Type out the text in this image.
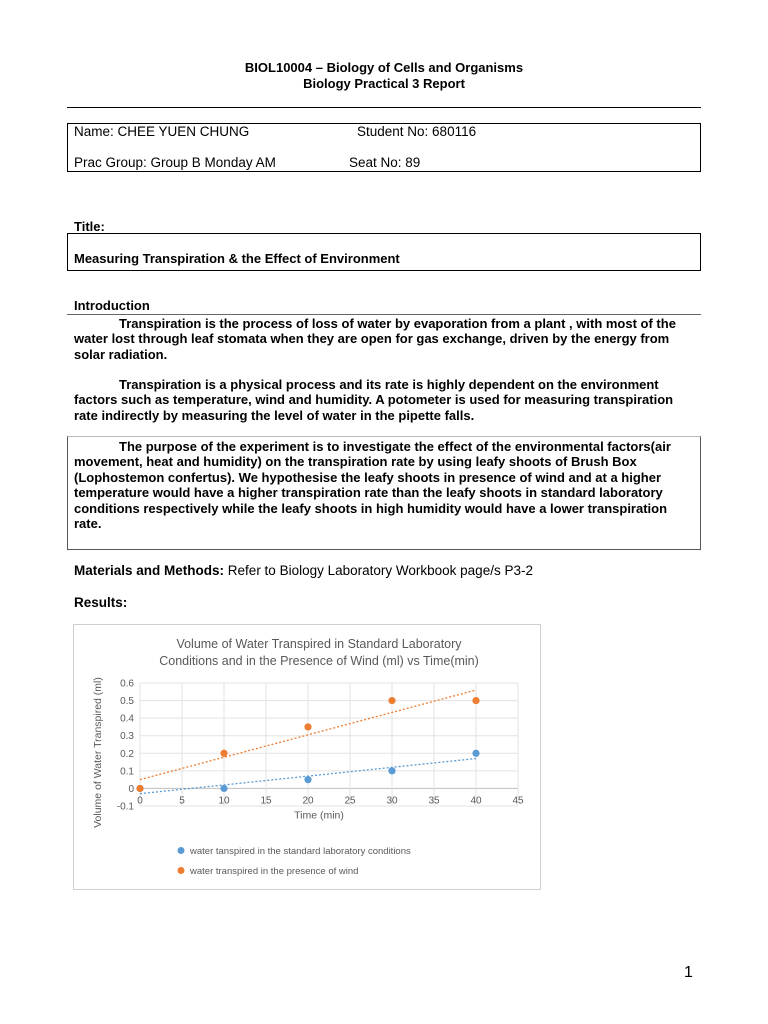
BIOL10004 – Biology of Cells and Organisms
Biology Practical 3 Report
Name: CHEE YUEN CHUNG	Student No: 680116
Prac Group: Group B Monday AM	Seat No: 89
Title:
Measuring Transpiration & the Effect of Environment
Introduction

Transpiration is the process of loss of water by evaporation from a plant , with most of the water lost through leaf stomata when they are open for gas exchange, driven by the energy from solar radiation.

Transpiration is a physical process and its rate is highly dependent on the environment factors such as temperature, wind and humidity. A potometer is used for measuring transpiration rate indirectly by measuring the level of water in the pipette falls.

The purpose of the experiment is to investigate the effect of the environmental factors(air movement, heat and humidity) on the transpiration rate by using leafy shoots of Brush Box (Lophostemon confertus). We hypothesise the leafy shoots in presence of wind and at a higher temperature would have a higher transpiration rate than the leafy shoots in standard laboratory conditions respectively while the leafy shoots in high humidity would have a lower transpiration rate.

Materials and Methods: Refer to Biology Laboratory Workbook page/s P3-2
Results:
Volume of Water Transpired in Standard Laboratory
Conditions and in the Presence of Wind (ml) vs Time(min)
-0.1
0
0.1
0.2
0.3
0.4
0.5
0.6
0	5	10	15	20	25	30	35	40	45
Time (min)
Volume of Water Transpired (ml)
water tanspired in the standard laboratory conditions
water transpired in the presence of wind
1
